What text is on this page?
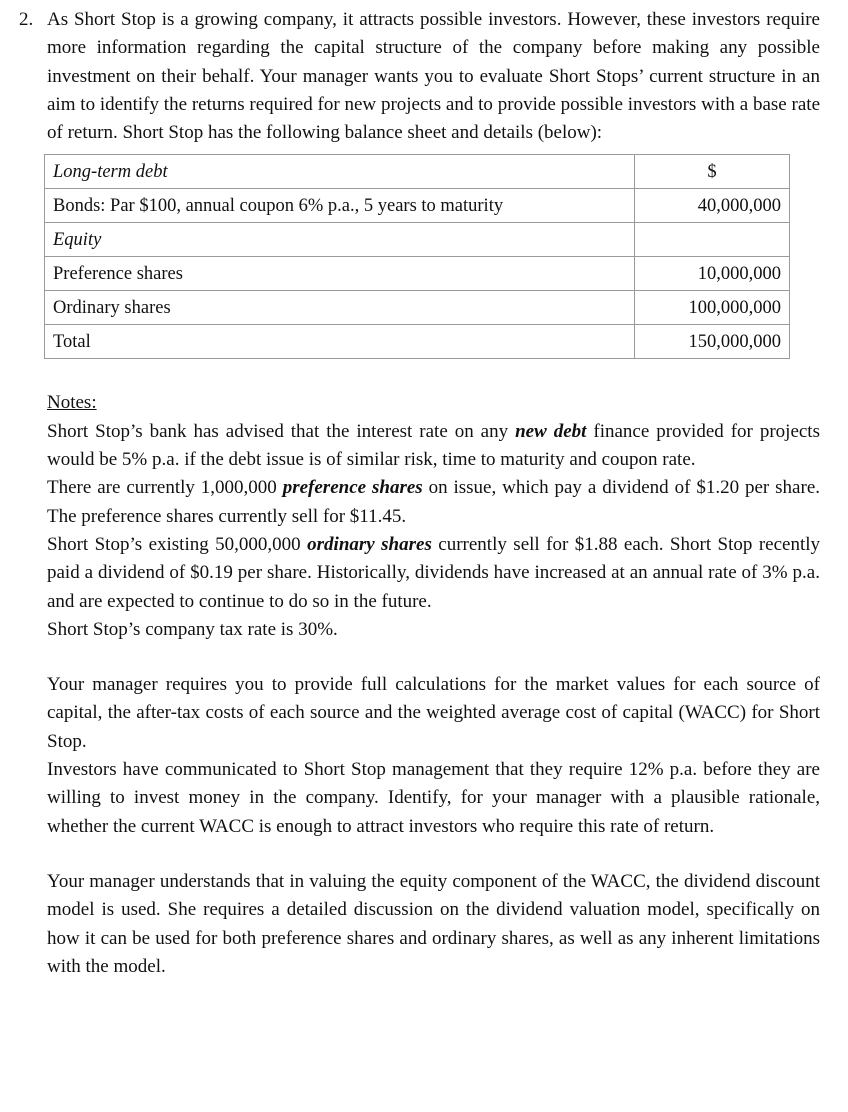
2. As Short Stop is a growing company, it attracts possible investors. However, these investors require more information regarding the capital structure of the company before making any possible investment on their behalf. Your manager wants you to evaluate Short Stops’ current structure in an aim to identify the returns required for new projects and to provide possible investors with a base rate of return. Short Stop has the following balance sheet and details (below):

Long-term debt	$
Bonds: Par $100, annual coupon 6% p.a., 5 years to maturity	40,000,000
Equity	
Preference shares	10,000,000
Ordinary shares	100,000,000
Total	150,000,000
Notes:

Short Stop’s bank has advised that the interest rate on any new debt finance provided for projects would be 5% p.a. if the debt issue is of similar risk, time to maturity and coupon rate.

There are currently 1,000,000 preference shares on issue, which pay a dividend of $1.20 per share. The preference shares currently sell for $11.45.

Short Stop’s existing 50,000,000 ordinary shares currently sell for $1.88 each. Short Stop recently paid a dividend of $0.19 per share. Historically, dividends have increased at an annual rate of 3% p.a. and are expected to continue to do so in the future.

Short Stop’s company tax rate is 30%.

Your manager requires you to provide full calculations for the market values for each source of capital, the after-tax costs of each source and the weighted average cost of capital (WACC) for Short Stop.

Investors have communicated to Short Stop management that they require 12% p.a. before they are willing to invest money in the company. Identify, for your manager with a plausible rationale, whether the current WACC is enough to attract investors who require this rate of return.

Your manager understands that in valuing the equity component of the WACC, the dividend discount model is used. She requires a detailed discussion on the dividend valuation model, specifically on how it can be used for both preference shares and ordinary shares, as well as any inherent limitations with the model.
